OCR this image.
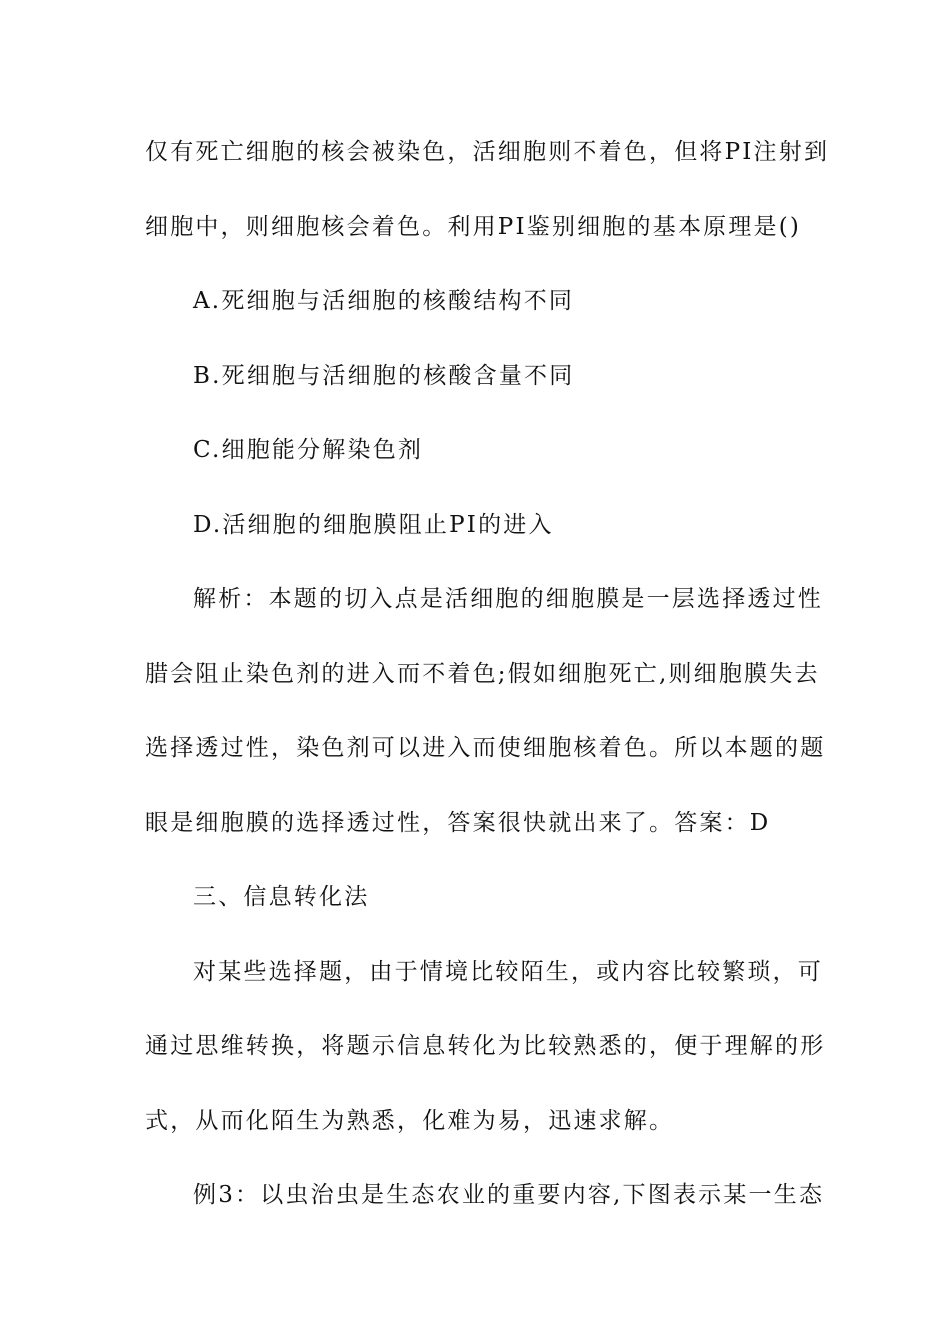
仅有死亡细胞的核会被染色，活细胞则不着色，但将PI注射到
细胞中，则细胞核会着色。利用PI鉴别细胞的基本原理是()
A.死细胞与活细胞的核酸结构不同
B.死细胞与活细胞的核酸含量不同
C.细胞能分解染色剂
D.活细胞的细胞膜阻止PI的进入
解析：本题的切入点是活细胞的细胞膜是一层选择透过性
腊会阻止染色剂的进入而不着色;假如细胞死亡,则细胞膜失去
选择透过性，染色剂可以进入而使细胞核着色。所以本题的题
眼是细胞膜的选择透过性，答案很快就出来了。答案：D
三、信息转化法
对某些选择题，由于情境比较陌生，或内容比较繁琐，可
通过思维转换，将题示信息转化为比较熟悉的，便于理解的形
式，从而化陌生为熟悉，化难为易，迅速求解。
例3：以虫治虫是生态农业的重要内容,下图表示某一生态
